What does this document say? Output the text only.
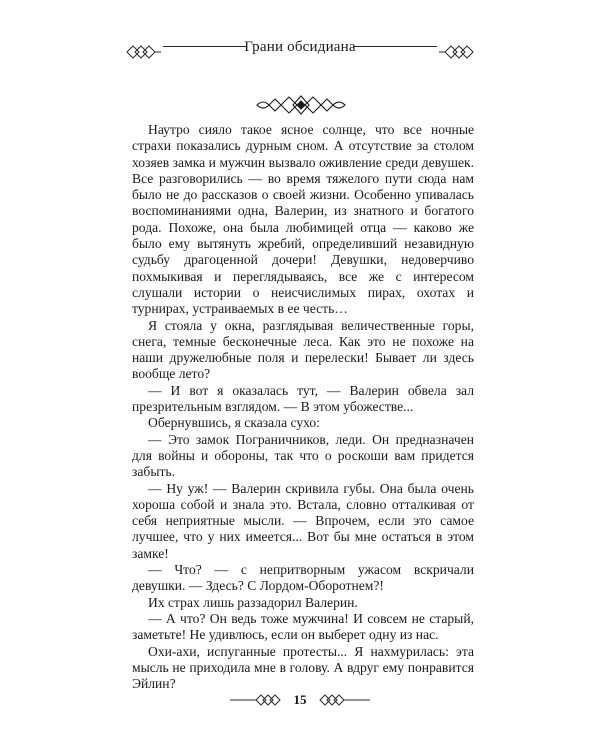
Грани обсидиана

Наутро сияло такое ясное солнце, что все ночные страхи показались дурным сном. А отсутствие за столом хозяев замка и мужчин вызвало оживление среди девушек. Все разговорились — во время тяжелого пути сюда нам было не до рассказов о своей жизни. Особенно упивалась воспоминаниями одна, Валерин, из знатного и богатого рода. Похоже, она была любимицей отца — каково же было ему вытянуть жребий, определивший незавидную судьбу драгоценной дочери! Девушки, недоверчиво похмыкивая и переглядываясь, все же с интересом слушали истории о неисчислимых пирах, охотах и турнирах, устраиваемых в ее честь…

Я стояла у окна, разглядывая величественные горы, снега, темные бесконечные леса. Как это не похоже на наши дружелюбные поля и перелески! Бывает ли здесь вообще лето?

— И вот я оказалась тут, — Валерин обвела зал презрительным взглядом. — В этом убожестве...

Обернувшись, я сказала сухо:

— Это замок Пограничников, леди. Он предназначен для войны и обороны, так что о роскоши вам придется забыть.

— Ну уж! — Валерин скривила губы. Она была очень хороша собой и знала это. Встала, словно отталкивая от себя неприятные мысли. — Впрочем, если это самое лучшее, что у них имеется... Вот бы мне остаться в этом замке!

— Что? — с непритворным ужасом вскричали девушки. — Здесь? С Лордом-Оборотнем?!

Их страх лишь раззадорил Валерин.

— А что? Он ведь тоже мужчина! И совсем не старый, заметьте! Не удивлюсь, если он выберет одну из нас.

Охи-ахи, испуганные протесты... Я нахмурилась: эта мысль не приходила мне в голову. А вдруг ему понравится Эйлин?

15
